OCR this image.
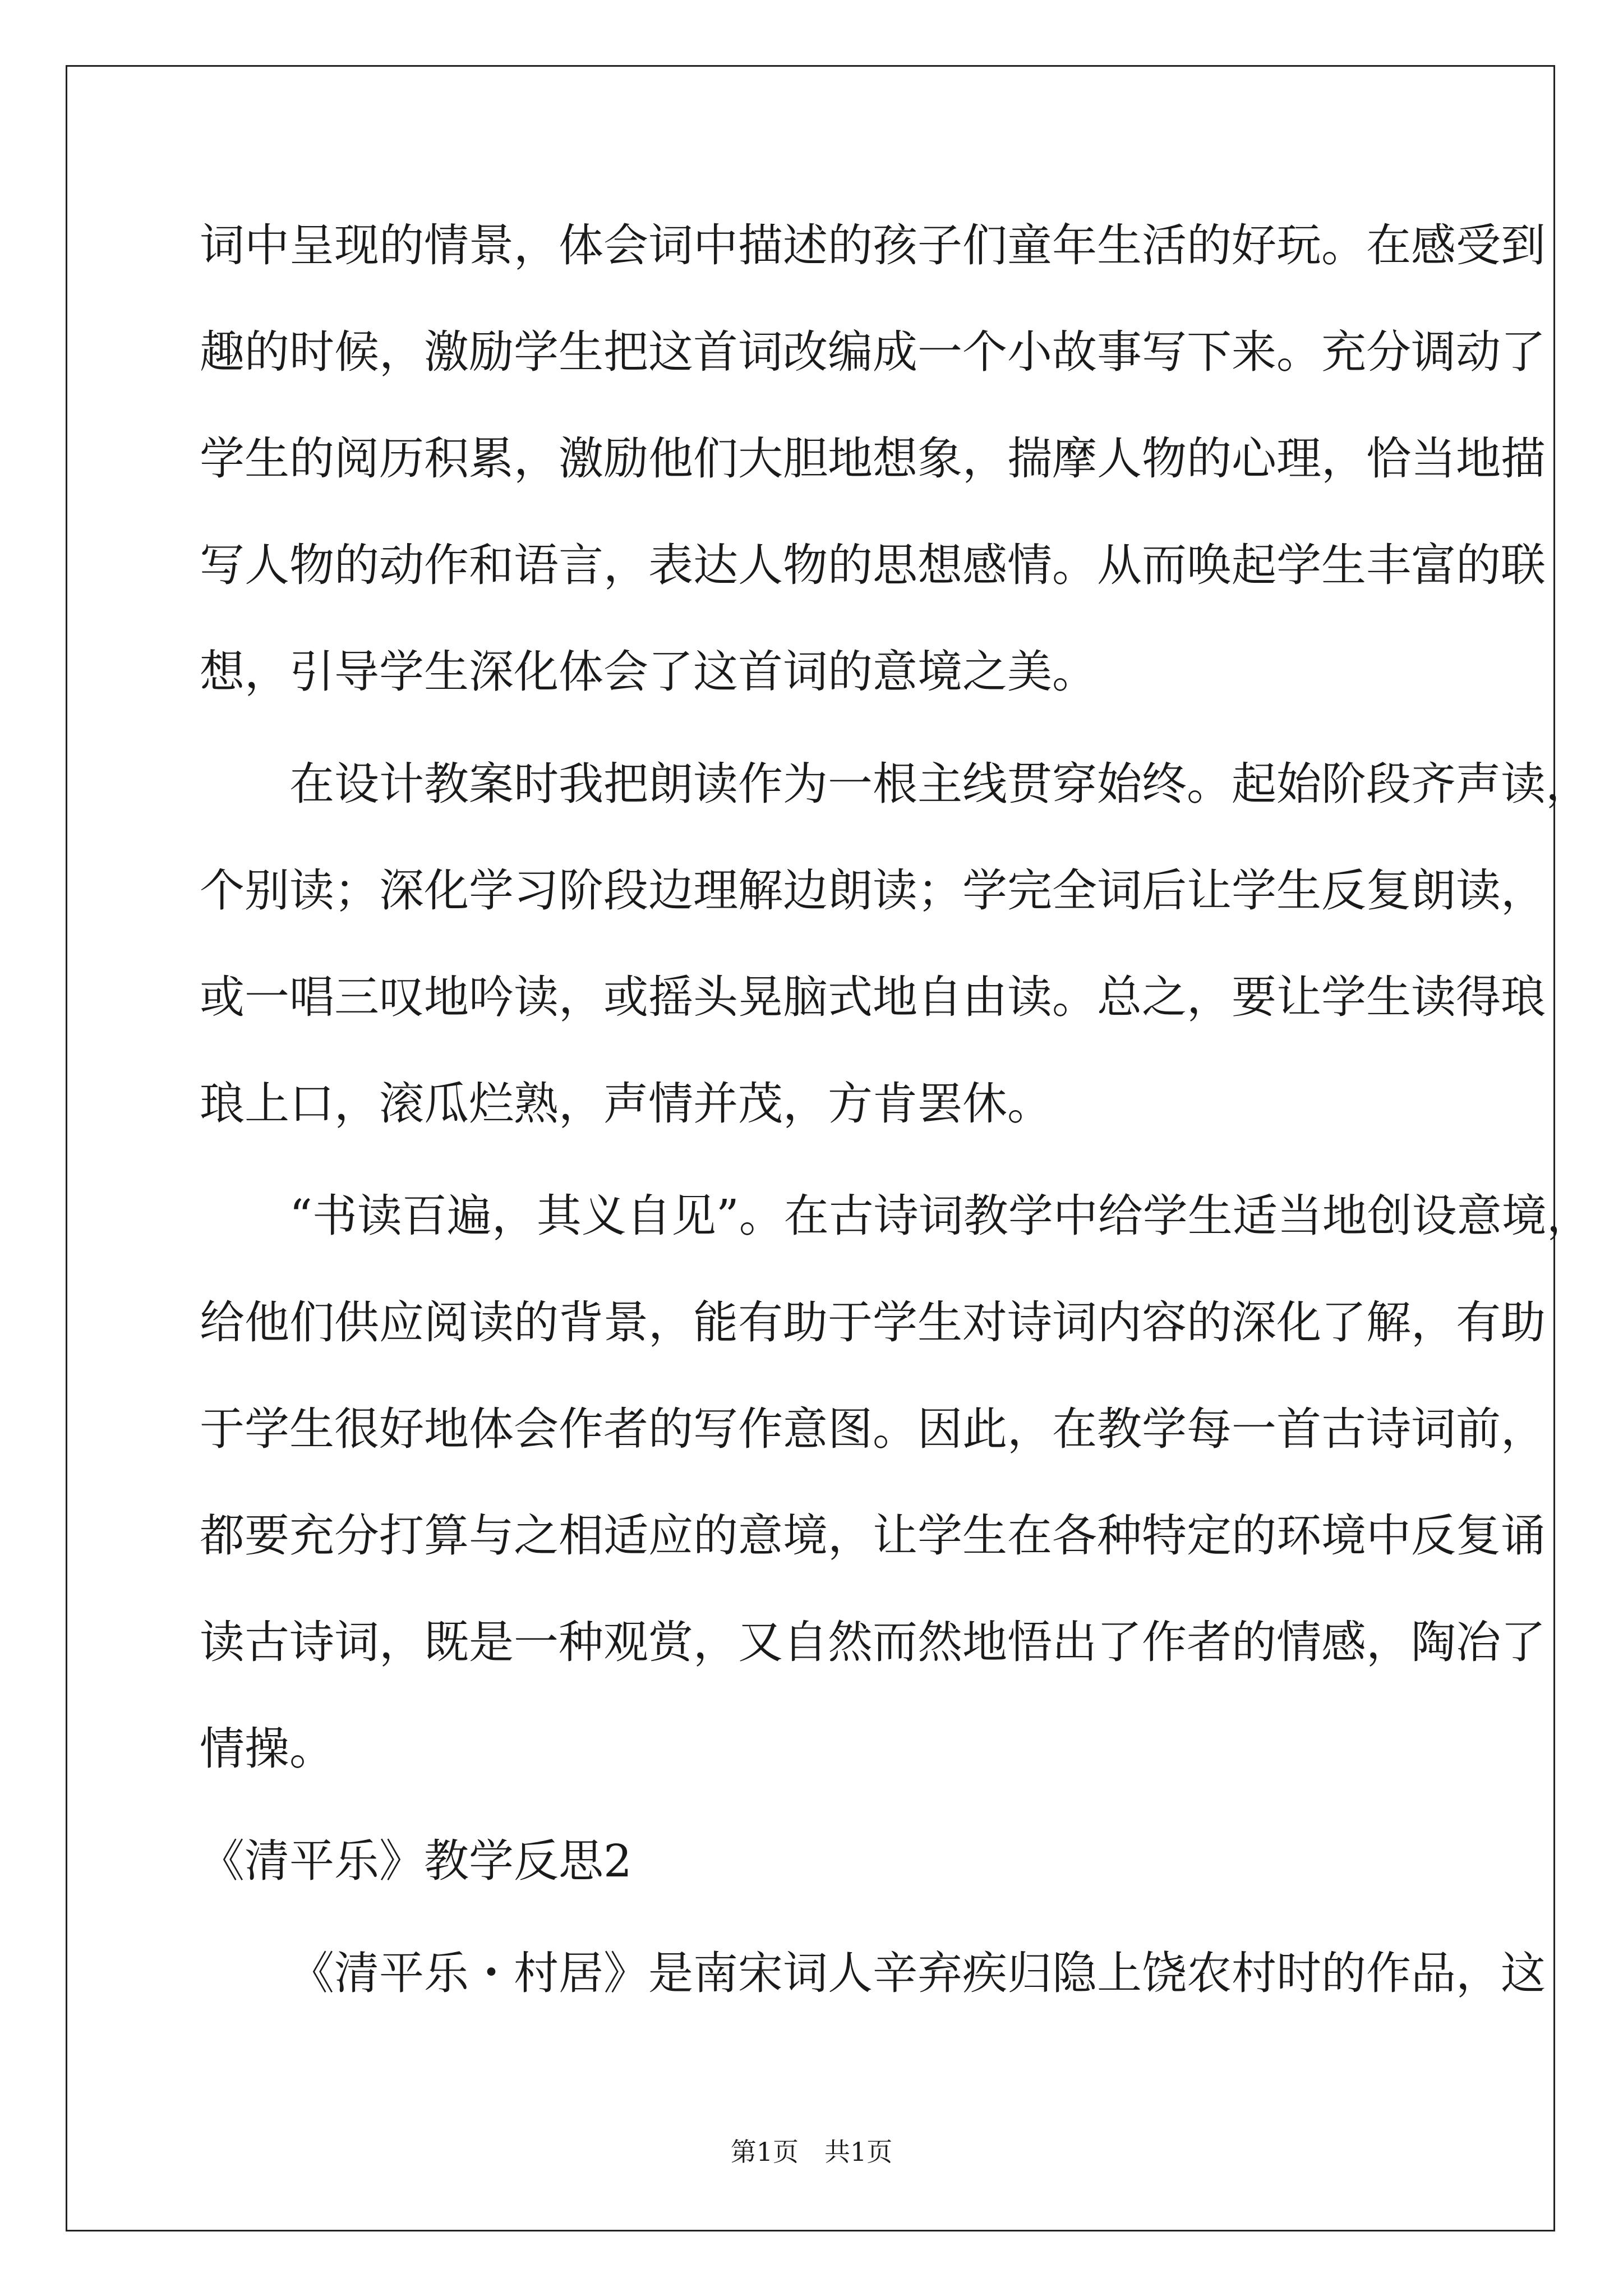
词中呈现的情景，体会词中描述的孩子们童年生活的好玩。在感受到
趣的时候，激励学生把这首词改编成一个小故事写下来。充分调动了
学生的阅历积累，激励他们大胆地想象，揣摩人物的心理，恰当地描
写人物的动作和语言，表达人物的思想感情。从而唤起学生丰富的联
想，引导学生深化体会了这首词的意境之美。
在设计教案时我把朗读作为一根主线贯穿始终。起始阶段齐声读，
个别读；深化学习阶段边理解边朗读；学完全词后让学生反复朗读，
或一唱三叹地吟读，或摇头晃脑式地自由读。总之，要让学生读得琅
琅上口，滚瓜烂熟，声情并茂，方肯罢休。
“书读百遍，其义自见”。在古诗词教学中给学生适当地创设意境，
给他们供应阅读的背景，能有助于学生对诗词内容的深化了解，有助
于学生很好地体会作者的写作意图。因此，在教学每一首古诗词前，
都要充分打算与之相适应的意境，让学生在各种特定的环境中反复诵
读古诗词，既是一种观赏，又自然而然地悟出了作者的情感，陶冶了
情操。
《清平乐》教学反思2
《清平乐・村居》是南宋词人辛弃疾归隐上饶农村时的作品，这
第1页　共1页
